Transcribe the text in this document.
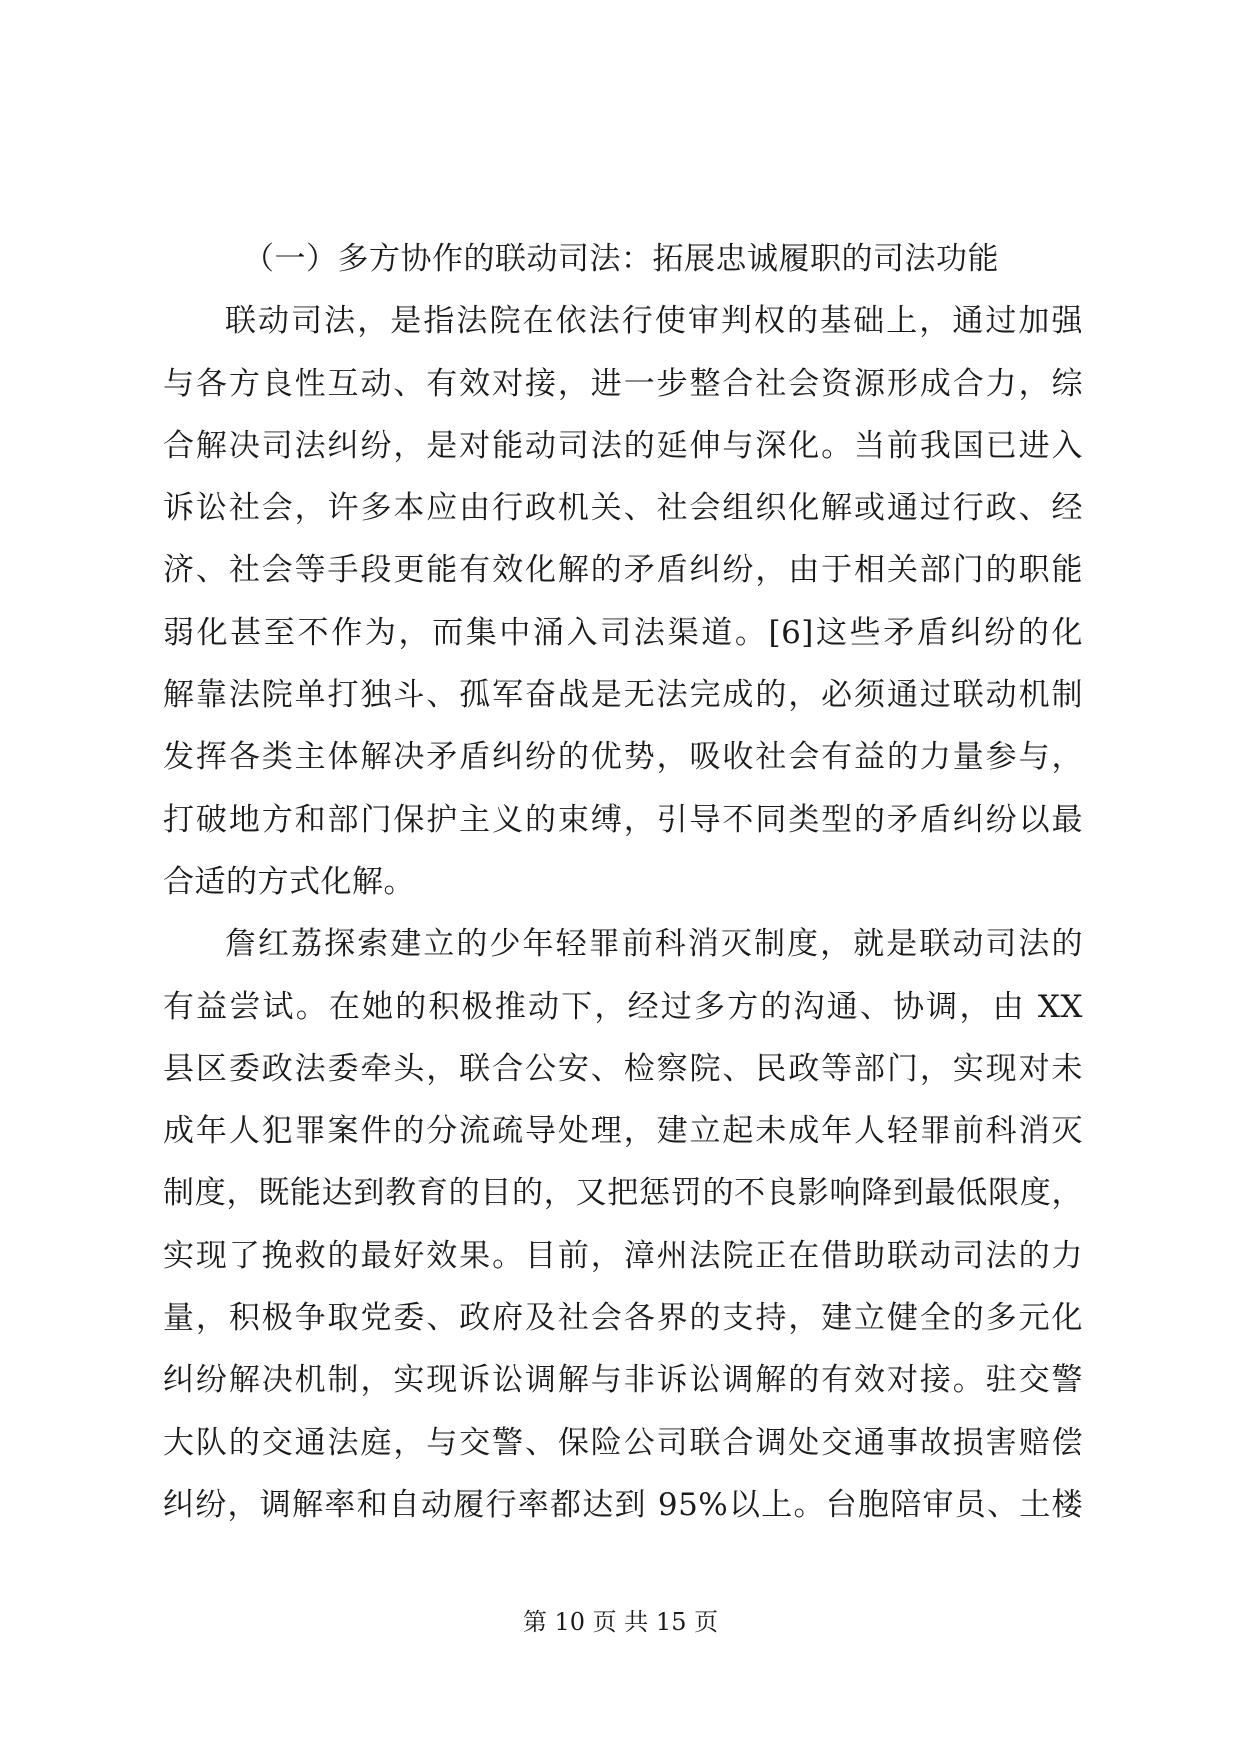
（一）多方协作的联动司法：拓展忠诚履职的司法功能
联动司法，是指法院在依法行使审判权的基础上，通过加强
与各方良性互动、有效对接，进一步整合社会资源形成合力，综
合解决司法纠纷，是对能动司法的延伸与深化。当前我国已进入
诉讼社会，许多本应由行政机关、社会组织化解或通过行政、经
济、社会等手段更能有效化解的矛盾纠纷，由于相关部门的职能
弱化甚至不作为，而集中涌入司法渠道。[6]这些矛盾纠纷的化
解靠法院单打独斗、孤军奋战是无法完成的，必须通过联动机制
发挥各类主体解决矛盾纠纷的优势，吸收社会有益的力量参与，
打破地方和部门保护主义的束缚，引导不同类型的矛盾纠纷以最
合适的方式化解。
詹红荔探索建立的少年轻罪前科消灭制度，就是联动司法的
有益尝试。在她的积极推动下，经过多方的沟通、协调，由 XX
县区委政法委牵头，联合公安、检察院、民政等部门，实现对未
成年人犯罪案件的分流疏导处理，建立起未成年人轻罪前科消灭
制度，既能达到教育的目的，又把惩罚的不良影响降到最低限度，
实现了挽救的最好效果。目前，漳州法院正在借助联动司法的力
量，积极争取党委、政府及社会各界的支持，建立健全的多元化
纠纷解决机制，实现诉讼调解与非诉讼调解的有效对接。驻交警
大队的交通法庭，与交警、保险公司联合调处交通事故损害赔偿
纠纷，调解率和自动履行率都达到 95%以上。台胞陪审员、土楼
第 10 页 共 15 页
